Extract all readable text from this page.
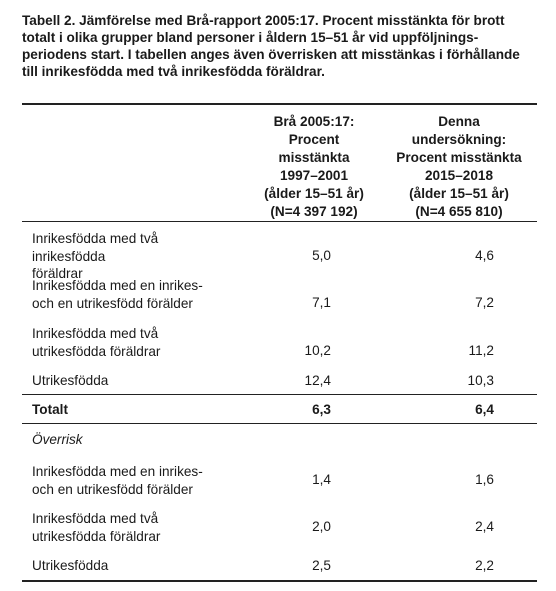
Tabell 2. Jämförelse med Brå-rapport 2005:17. Procent misstänkta för brott
totalt i olika grupper bland personer i åldern 15–51 år vid uppföljnings-
periodens start. I tabellen anges även överrisken att misstänkas i förhållande
till inrikesfödda med två inrikesfödda föräldrar.
Brå 2005:17:
Procent
misstänkta
1997–2001
(ålder 15–51 år)
(N=4 397 192)
Denna
undersökning:
Procent misstänkta
2015–2018
(ålder 15–51 år)
(N=4 655 810)
Inrikesfödda med två inrikesfödda
föräldrar
5,0	4,6
Inrikesfödda med en inrikes-
och en utrikesfödd förälder	7,1	7,2
Inrikesfödda med två
utrikesfödda föräldrar	10,2	11,2
Utrikesfödda	12,4	10,3
Totalt	6,3	6,4
Överrisk
Inrikesfödda med en inrikes-
och en utrikesfödd förälder
1,4	1,6
Inrikesfödda med två
utrikesfödda föräldrar
2,0	2,4
Utrikesfödda	2,5	2,2
